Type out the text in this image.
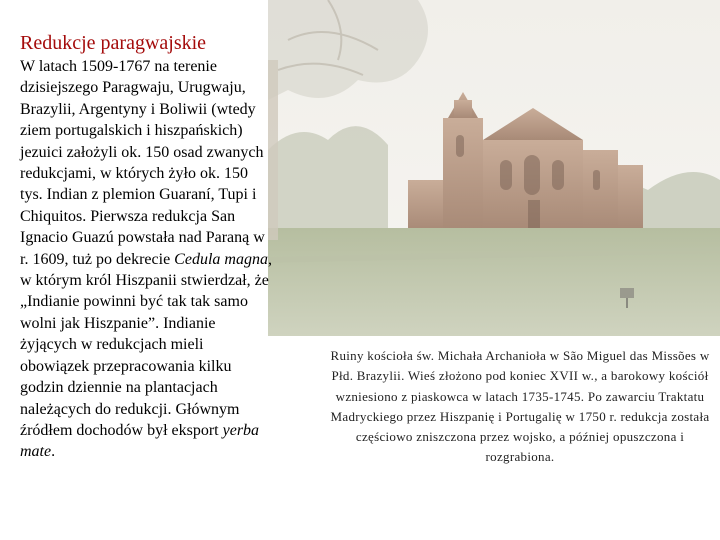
Redukcje paragwajskie
W latach 1509-1767 na terenie dzisiejszego Paragwaju, Urugwaju, Brazylii, Argentyny i Boliwii (wtedy ziem portugalskich i hiszpańskich) jezuici założyli ok. 150 osad zwanych redukcjami, w których żyło ok. 150 tys. Indian z plemion Guaraní, Tupi i Chiquitos. Pierwsza redukcja San Ignacio Guazú powstała nad Paraną w r. 1609, tuż po dekrecie Cedula magna, w którym król Hiszpanii stwierdzał, że „Indianie powinni być tak tak samo wolni jak Hiszpanie”. Indianie żyjących w redukcjach mieli obowiązek przepracowania kilku godzin dziennie na plantacjach należących do redukcji. Głównym źródłem dochodów był eksport yerba mate.
Ruiny kościoła św. Michała Archanioła w São Miguel das Missões w Płd. Brazylii. Wieś złożono pod koniec XVII w., a barokowy kościół wzniesiono z piaskowca w latach 1735-1745. Po zawarciu Traktatu Madryckiego przez Hiszpanię i Portugalię w 1750 r. redukcja została częściowo zniszczona przez wojsko, a później opuszczona i rozgrabiona.
